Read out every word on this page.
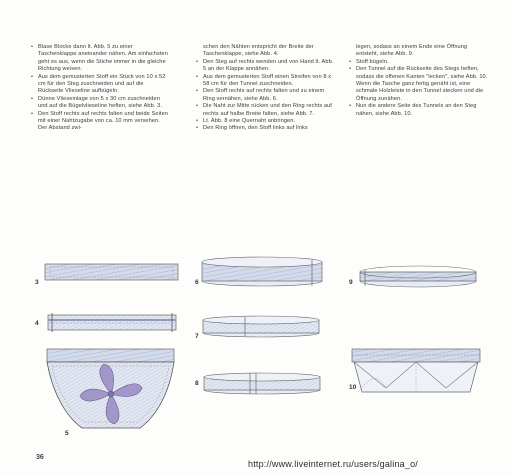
• Blase Blocke dann lt. Abb. 5 zu einer Taschenklappe aneinander nähen. Am einfachsten geht es aus, wenn die Stiche immer in die gleiche Richtung weisen.
• Aus dem gemusterten Stoff ein Stück von 10 x 52 cm für den Steg zuschneiden und auf die Rückseite Vlieseline aufbügeln.
• Dünne Vlieseinlage von 5 x 30 cm zuschneiden und auf die Bügelvlieseline heften, siehe Abb. 3.
• Den Stoff rechts auf rechts falten und beide Seiten mit einer Nahtzugabe von ca. 10 mm versehen. Der Abstand zwi-
schen den Nähten entspricht der Breite der Taschenklappe, siehe Abb. 4.
• Den Steg auf rechts wenden und von Hand lt. Abb. 5 an der Klappe annähen.
• Aus dem gemusterten Stoff einen Streifen von 8 x 58 cm für den Tunnel zuschneiden.
• Den Stoff rechts auf rechts falten und zu einem Ring vernähen, siehe Abb. 6.
• Die Naht zur Mitte rücken und den Ring rechts auf rechts auf halbe Breite falten, siehe Abb. 7.
• Lt. Abb. 8 eine Quernaht anbringen.
• Den Ring öffnen, den Stoff links auf links
legen, sodass an einem Ende eine Öffnung entsteht, siehe Abb. 9.
• Stoff bügeln.
• Den Tunnel auf die Rückseite des Stegs heften, sodass die offenen Kanten "lecken", siehe Abb. 10. Wenn die Tasche ganz fertig genäht ist, eine schmale Holzleiste in den Tunnel stecken und die Öffnung zunähen.
• Nun die andere Seite des Tunnels an den Steg nähen, siehe Abb. 10.
3
4
5
6
7
8
9
10
36
http://www.liveinternet.ru/users/galina_o/
